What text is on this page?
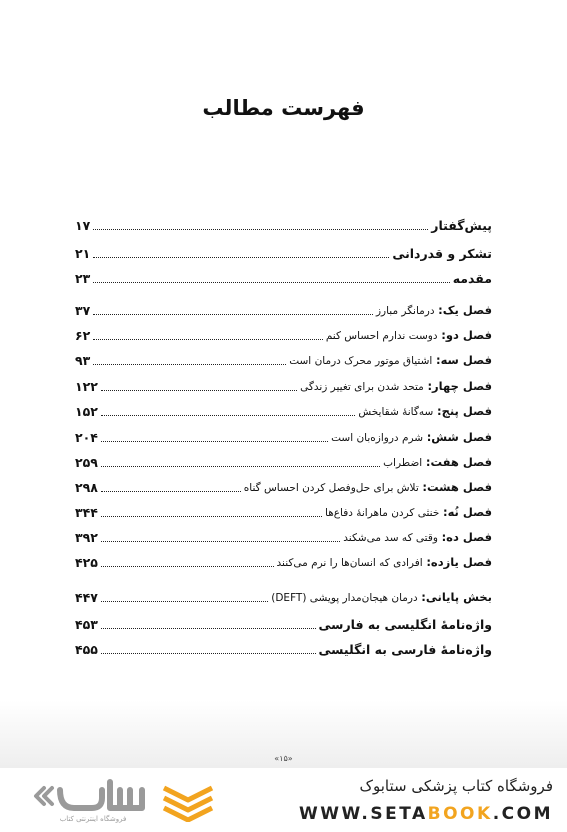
فهرست مطالب
پیش‌گفتار
۱۷
تشکر و قدردانی
۲۱
مقدمه
۲۳
فصل یک: درمانگر مبارز
۳۷
فصل دو: دوست ندارم احساس کنم
۶۲
فصل سه: اشتیاق موتور محرک درمان است
۹۳
فصل چهار: متحد شدن برای تغییر زندگی
۱۲۲
فصل پنج: سه‌گانهٔ شقایخش
۱۵۲
فصل شش: شرم دروازه‌بان است
۲۰۴
فصل هفت: اضطراب
۲۵۹
فصل هشت: تلاش برای حل‌وفصل کردن احساس گناه
۲۹۸
فصل نُه: خنثی کردن ماهرانهٔ دفاع‌ها
۳۴۴
فصل ده: وقتی که سد می‌شکند
۳۹۲
فصل یازده: افرادی که انسان‌ها را نرم می‌کنند
۴۲۵
بخش پایانی: درمان هیجان‌مدار پویشی (DEFT)
۴۴۷
واژه‌نامهٔ انگلیسی به فارسی
۴۵۳
واژه‌نامهٔ فارسی به انگلیسی
۴۵۵
«۱۵»
فروشگاه کتاب پزشکی ستابوک
WWW.SETABOOK.COM
فروشگاه اینترنتی کتاب
